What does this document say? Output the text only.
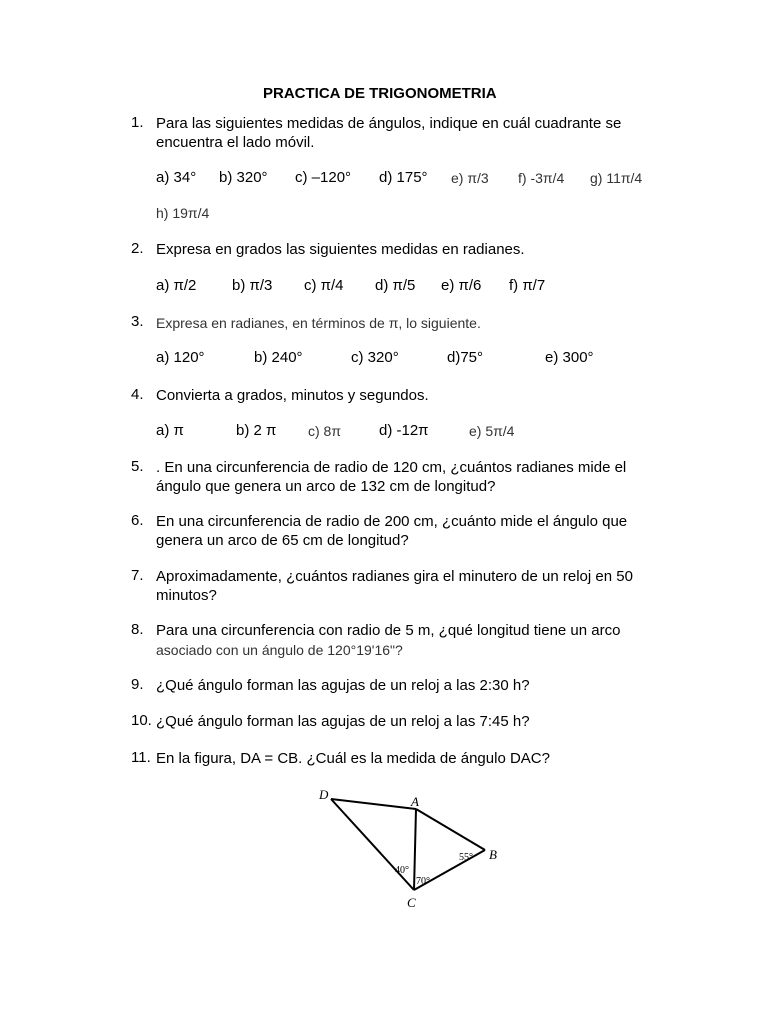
PRACTICA DE TRIGONOMETRIA
1. Para las siguientes medidas de ángulos, indique en cuál cuadrante se
encuentra el lado móvil.
a) 34° b) 320° c) –120° d) 175° e) π/3 f) -3π/4 g) 11π/4
h) 19π/4
2. Expresa en grados las siguientes medidas en radianes.
a) π/2 b) π/3 c) π/4 d) π/5 e) π/6 f) π/7
3. Expresa en radianes, en términos de π, lo siguiente.
a) 120°	b) 240°	c) 320°	d)75°	e) 300°
4. Convierta a grados, minutos y segundos.
a) π	b) 2 π c) 8π	d) -12π	e) 5π/4
5. . En una circunferencia de radio de 120 cm, ¿cuántos radianes mide el
ángulo que genera un arco de 132 cm de longitud?
6. En una circunferencia de radio de 200 cm, ¿cuánto mide el ángulo que
genera un arco de 65 cm de longitud?
7. Aproximadamente, ¿cuántos radianes gira el minutero de un reloj en 50
minutos?
8. Para una circunferencia con radio de 5 m, ¿qué longitud tiene un arco
asociado con un ángulo de 120°19'16"?
9. ¿Qué ángulo forman las agujas de un reloj a las 2:30 h?
10. ¿Qué ángulo forman las agujas de un reloj a las 7:45 h?
11. En la figura, DA = CB. ¿Cuál es la medida de ángulo DAC?
D	A
B
C
55°
40°
70°
